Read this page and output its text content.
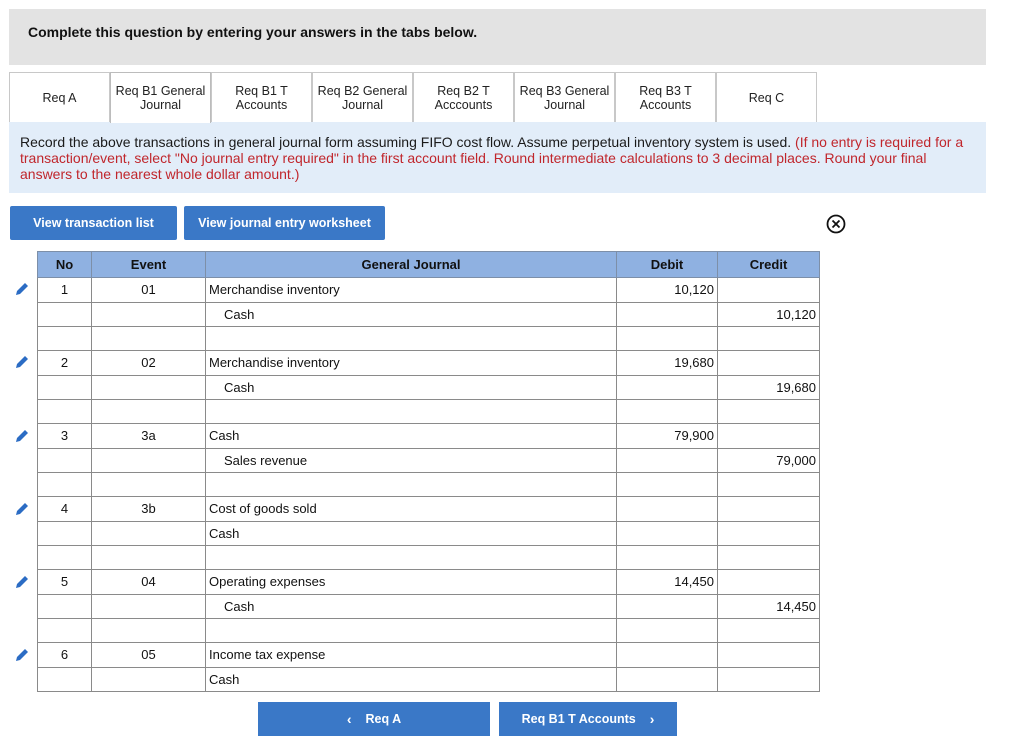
Complete this question by entering your answers in the tabs below.
Req A	Req B1 General Journal
Req B1 T Accounts
Req B2 General Journal
Req B2 T Acccounts
Req B3 General Journal
Req B3 T Accounts	Req C
Record the above transactions in general journal form assuming FIFO cost flow. Assume perpetual inventory system is used. (If no entry is required for a transaction/event, select "No journal entry required" in the first account field. Round intermediate calculations to 3 decimal places. Round your final answers to the nearest whole dollar amount.)
View transaction list	View journal entry worksheet
No	Event	General Journal	Debit	Credit
1	01	Merchandise inventory	10,120	
		Cash		10,120

2	02	Merchandise inventory	19,680	
		Cash		19,680

3	3a	Cash	79,900	
		Sales revenue		79,000

4	3b	Cost of goods sold		
		Cash		

5	04	Operating expenses	14,450	
		Cash		14,450

6	05	Income tax expense		
		Cash		
‹ Req A	Req B1 T Accounts ›
